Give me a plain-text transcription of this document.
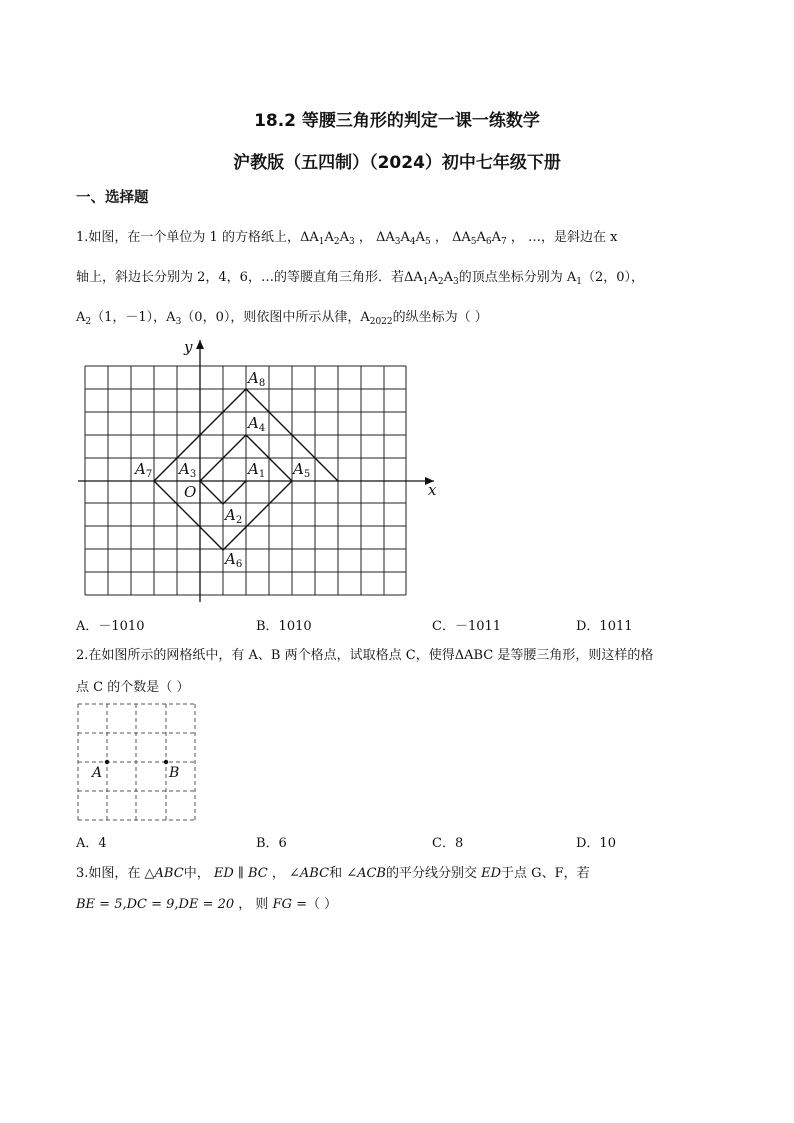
18.2 等腰三角形的判定一课一练数学
沪教版（五四制）（2024）初中七年级下册
一、选择题
1.如图，在一个单位为 1 的方格纸上，$\Delta A_1A_2A_3$ ， $\Delta A_3A_4A_5$ ， $\Delta A_5A_6A_7$ ， …，是斜边在 x
轴上，斜边长分别为 2，4，6，…的等腰直角三角形．若$\Delta A_1A_2A_3$的顶点坐标分别为 $A_1(2$，0），
$A_2(1$，－1），$A_3(0$，0），则依图中所示从律，$A_{2022}$的纵坐标为（ ）
x
y
O
$A_1$
$A_2$
$A_3$
$A_4$
$A_5$
$A_6$
$A_7$
$A_8$
A．－1010	B．1010	C．－1011	D．1011
2.在如图所示的网格纸中，有 A、B 两个格点，试取格点 C，使得ΔABC 是等腰三角形，则这样的格
点 C 的个数是（ ）
A	B
A．4	B．6	C．8	D．10
3.如图，在 △ABC中， ED ∥ BC ， ∠ABC和 ∠ACB的平分线分别交 ED于点 G、F，若
BE = 5,DC = 9,DE = 20 ， 则 FG =（ ）
